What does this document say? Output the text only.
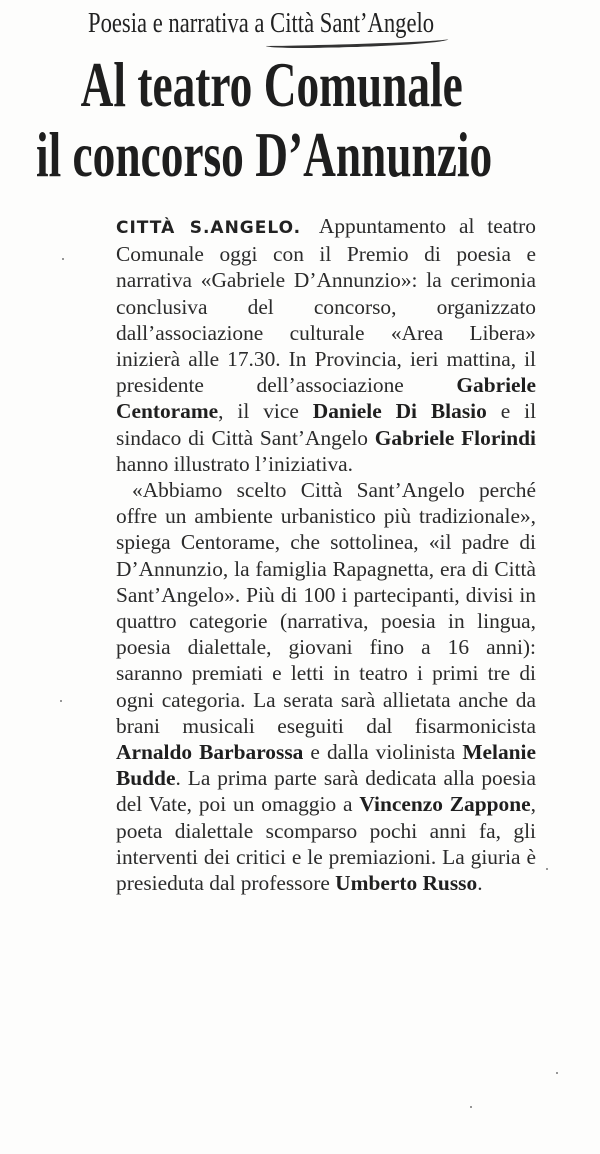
Poesia e narrativa a Città Sant’Angelo
Al teatro Comunale
il concorso D’Annunzio

CITTÀ S.ANGELO. Appuntamento al teatro Comunale oggi con il Premio di poesia e narrativa «Gabriele D’Annunzio»: la cerimonia conclusiva del concorso, organizzato dall’associazione culturale «Area Libera» inizierà alle 17.30. In Provincia, ieri mattina, il presidente dell’associazione Gabriele Centorame, il vice Daniele Di Blasio e il sindaco di Città Sant’Angelo Gabriele Florindi hanno illustrato l’iniziativa.

«Abbiamo scelto Città Sant’Angelo perché offre un ambiente urbanistico più tradizionale», spiega Centorame, che sottolinea, «il padre di D’Annunzio, la famiglia Rapagnetta, era di Città Sant’Angelo». Più di 100 i partecipanti, divisi in quattro categorie (narrativa, poesia in lingua, poesia dialettale, giovani fino a 16 anni): saranno premiati e letti in teatro i primi tre di ogni categoria. La serata sarà allietata anche da brani musicali eseguiti dal fisarmonicista Arnaldo Barbarossa e dalla violinista Melanie Budde. La prima parte sarà dedicata alla poesia del Vate, poi un omaggio a Vincenzo Zappone, poeta dialettale scomparso pochi anni fa, gli interventi dei critici e le premiazioni. La giuria è presieduta dal professore Umberto Russo.
